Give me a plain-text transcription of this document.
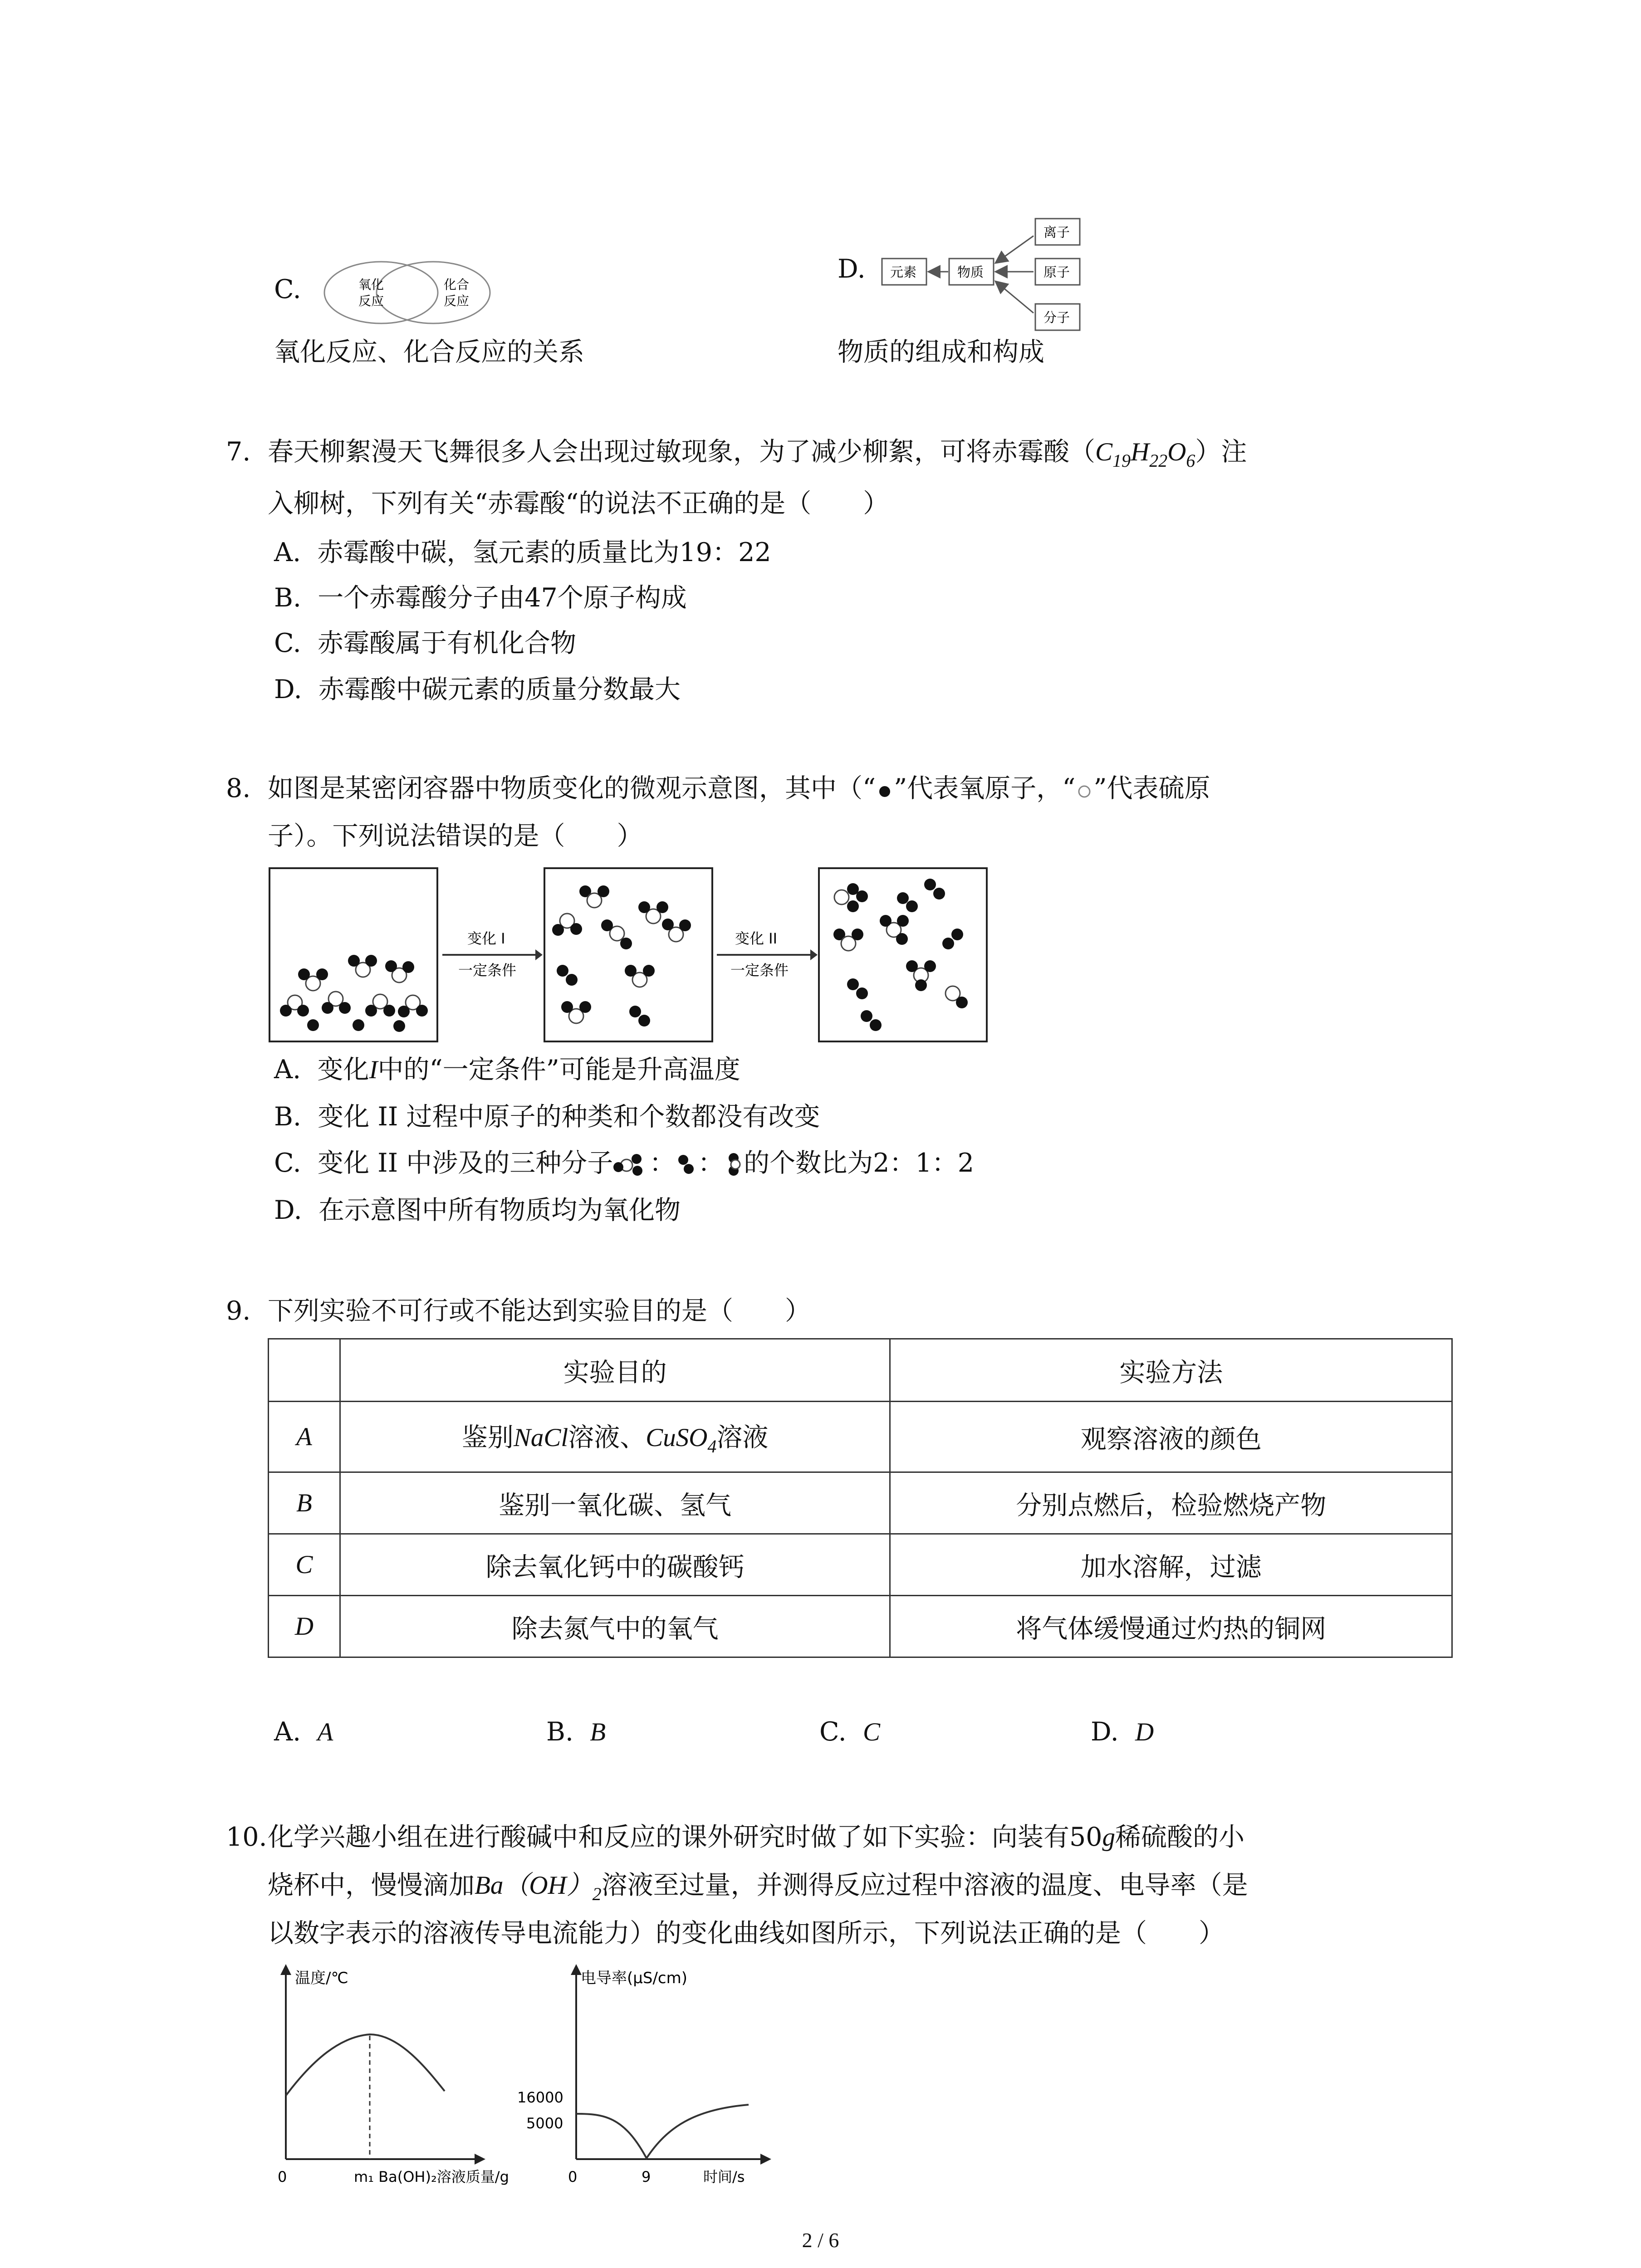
C.	氧化
反应
化合
反应
氧化反应、化合反应的关系
D. 元素	物质
离子
原子
分子
物质的组成和构成
7. 春天柳絮漫天飞舞很多人会出现过敏现象，为了减少柳絮，可将赤霉酸$(C_{19}H_{22}O_6)$注
入柳树，下列有关“赤霉酸“的说法不正确的是（　　）
A. 赤霉酸中碳，氢元素的质量比为19：22
B. 一个赤霉酸分子由47个原子构成
C. 赤霉酸属于有机化合物
D. 赤霉酸中碳元素的质量分数最大
8. 如图是某密闭容器中物质变化的微观示意图，其中（“ ”代表氧原子，“ ”代表硫原
子）。下列说法错误的是（　　）
变化 I
一定条件
变化 II
一定条件
A. 变化I中的“一定条件”可能是升高温度
B. 变化 II 过程中原子的种类和个数都没有改变
C. 变化 II 中涉及的三种分子 ： ： 的个数比为2：1：2
D. 在示意图中所有物质均为氧化物
9. 下列实验不可行或不能达到实验目的是（　　）
	实验目的	实验方法
A	鉴别NaCl溶液、CuSO$_4$溶液	观察溶液的颜色
B	鉴别一氧化碳、氢气	分别点燃后，检验燃烧产物
C	除去氧化钙中的碳酸钙	加水溶解，过滤
D	除去氮气中的氧气	将气体缓慢通过灼热的铜网
A. A	B. B	C. C	D. D
10. 化学兴趣小组在进行酸碱中和反应的课外研究时做了如下实验：向装有50g稀硫酸的小
烧杯中，慢慢滴加$Ba(OH)_2$溶液至过量，并测得反应过程中溶液的温度、电导率（是
以数字表示的溶液传导电流能力）的变化曲线如图所示，下列说法正确的是（　　）
温度/℃
0	m₁ Ba(OH)₂溶液质量/g
电导率(μS/cm)
16000
5000
0	9	时间/s
2 / 6
